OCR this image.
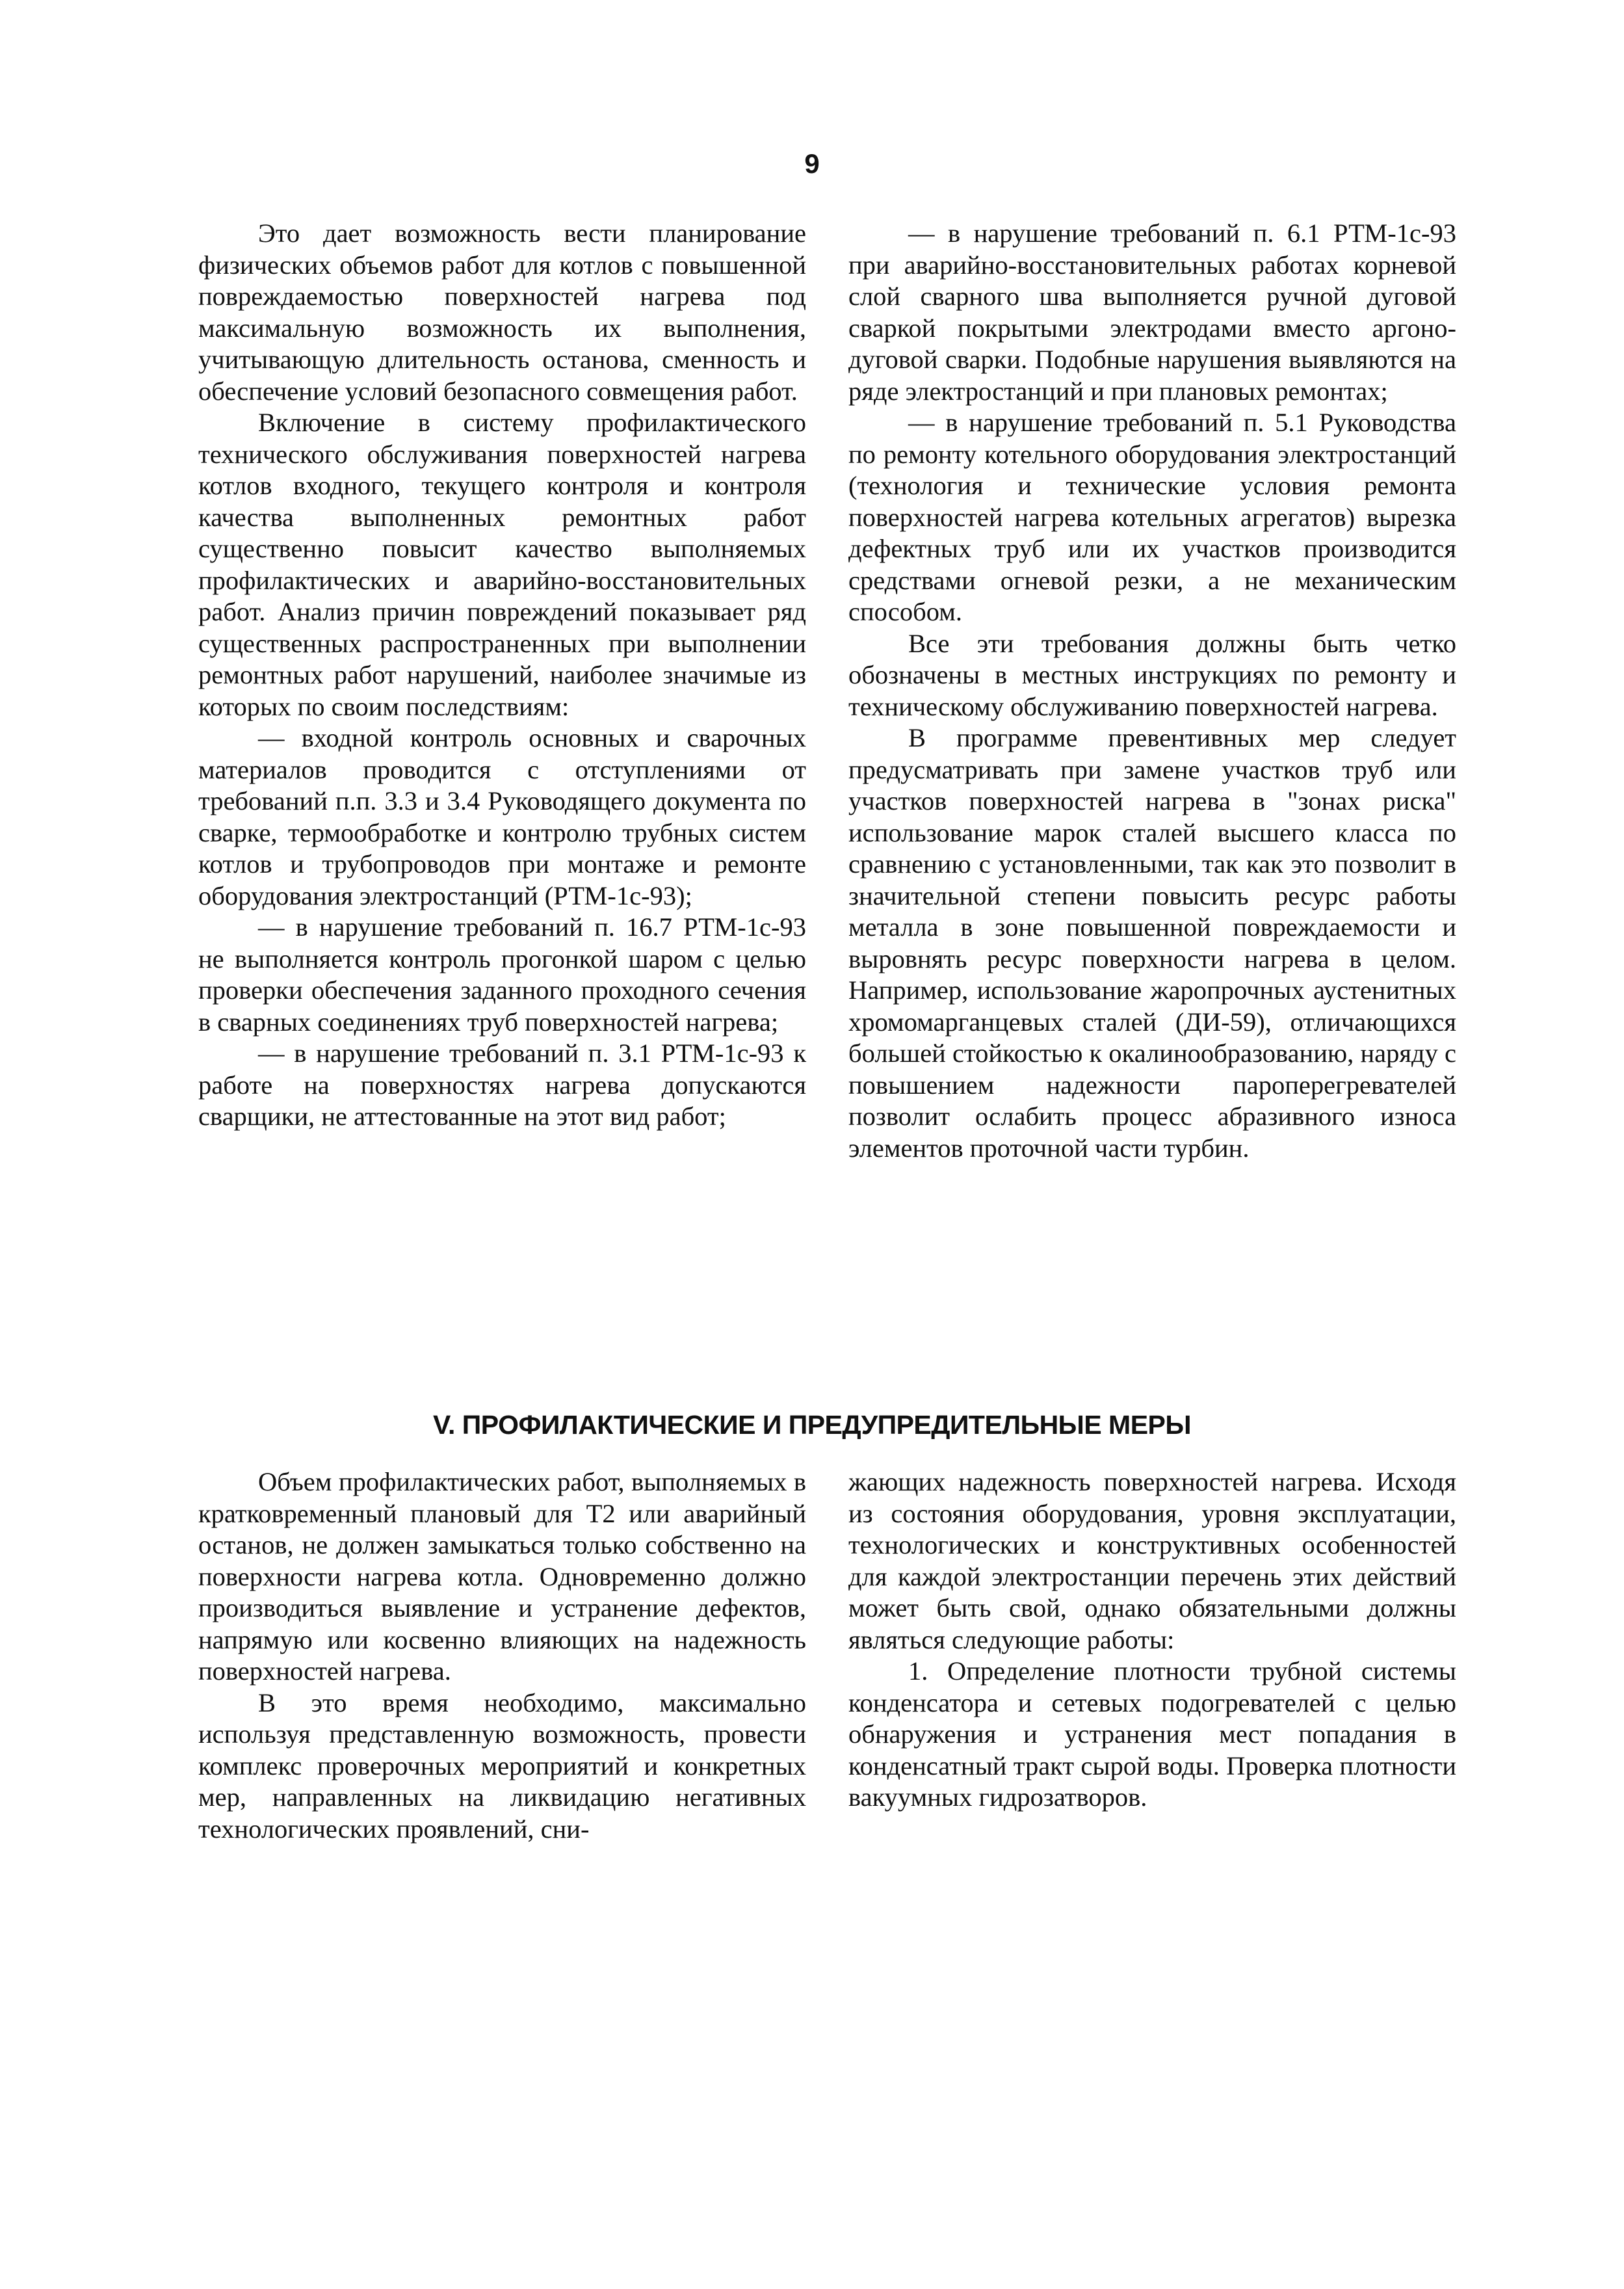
9

Это дает возможность вести планирование физических объемов работ для котлов с повышенной повреждаемостью поверхностей нагрева под максимальную возможность их выполнения, учитывающую длительность останова, сменность и обеспечение условий безопасного совмещения работ.

Включение в систему профилактического технического обслуживания поверхностей нагрева котлов входного, текущего контроля и контроля качества выполненных ремонтных работ существенно повысит качество выполняемых профилактических и аварийно-восстановительных работ. Анализ причин повреждений показывает ряд существенных распространенных при выполнении ремонтных работ нарушений, наиболее значимые из которых по своим последствиям:

— входной контроль основных и сварочных материалов проводится с отступлениями от требований п.п. 3.3 и 3.4 Руководящего документа по сварке, термообработке и контролю трубных систем котлов и трубопроводов при монтаже и ремонте оборудования электростанций (РТМ-1с-93);

— в нарушение требований п. 16.7 РТМ-1с-93 не выполняется контроль прогонкой шаром с целью проверки обеспечения заданного проходного сечения в сварных соединениях труб поверхностей нагрева;

— в нарушение требований п. 3.1 РТМ-1с-93 к работе на поверхностях нагрева допускаются сварщики, не аттестованные на этот вид работ;

— в нарушение требований п. 6.1 РТМ-1с-93 при аварийно-восстановительных работах корневой слой сварного шва выполняется ручной дуговой сваркой покрытыми электродами вместо аргоно-дуговой сварки. Подобные нарушения выявляются на ряде электростанций и при плановых ремонтах;

— в нарушение требований п. 5.1 Руководства по ремонту котельного оборудования электростанций (технология и технические условия ремонта поверхностей нагрева котельных агрегатов) вырезка дефектных труб или их участков производится средствами огневой резки, а не механическим способом.

Все эти требования должны быть четко обозначены в местных инструкциях по ремонту и техническому обслуживанию поверхностей нагрева.

В программе превентивных мер следует предусматривать при замене участков труб или участков поверхностей нагрева в "зонах риска" использование марок сталей высшего класса по сравнению с установленными, так как это позволит в значительной степени повысить ресурс работы металла в зоне повышенной повреждаемости и выровнять ресурс поверхности нагрева в целом. Например, использование жаропрочных аустенитных хромомарганцевых сталей (ДИ-59), отличающихся большей стойкостью к окалинообразованию, наряду с повышением надежности пароперегревателей позволит ослабить процесс абразивного износа элементов проточной части турбин.

V. ПРОФИЛАКТИЧЕСКИЕ И ПРЕДУПРЕДИТЕЛЬНЫЕ МЕРЫ

Объем профилактических работ, выполняемых в кратковременный плановый для Т2 или аварийный останов, не должен замыкаться только собственно на поверхности нагрева котла. Одновременно должно производиться выявление и устранение дефектов, напрямую или косвенно влияющих на надежность поверхностей нагрева.

В это время необходимо, максимально используя представленную возможность, провести комплекс проверочных мероприятий и конкретных мер, направленных на ликвидацию негативных технологических проявлений, сни-

жающих надежность поверхностей нагрева. Исходя из состояния оборудования, уровня эксплуатации, технологических и конструктивных особенностей для каждой электростанции перечень этих действий может быть свой, однако обязательными должны являться следующие работы:

1. Определение плотности трубной системы конденсатора и сетевых подогревателей с целью обнаружения и устранения мест попадания в конденсатный тракт сырой воды. Проверка плотности вакуумных гидрозатворов.
